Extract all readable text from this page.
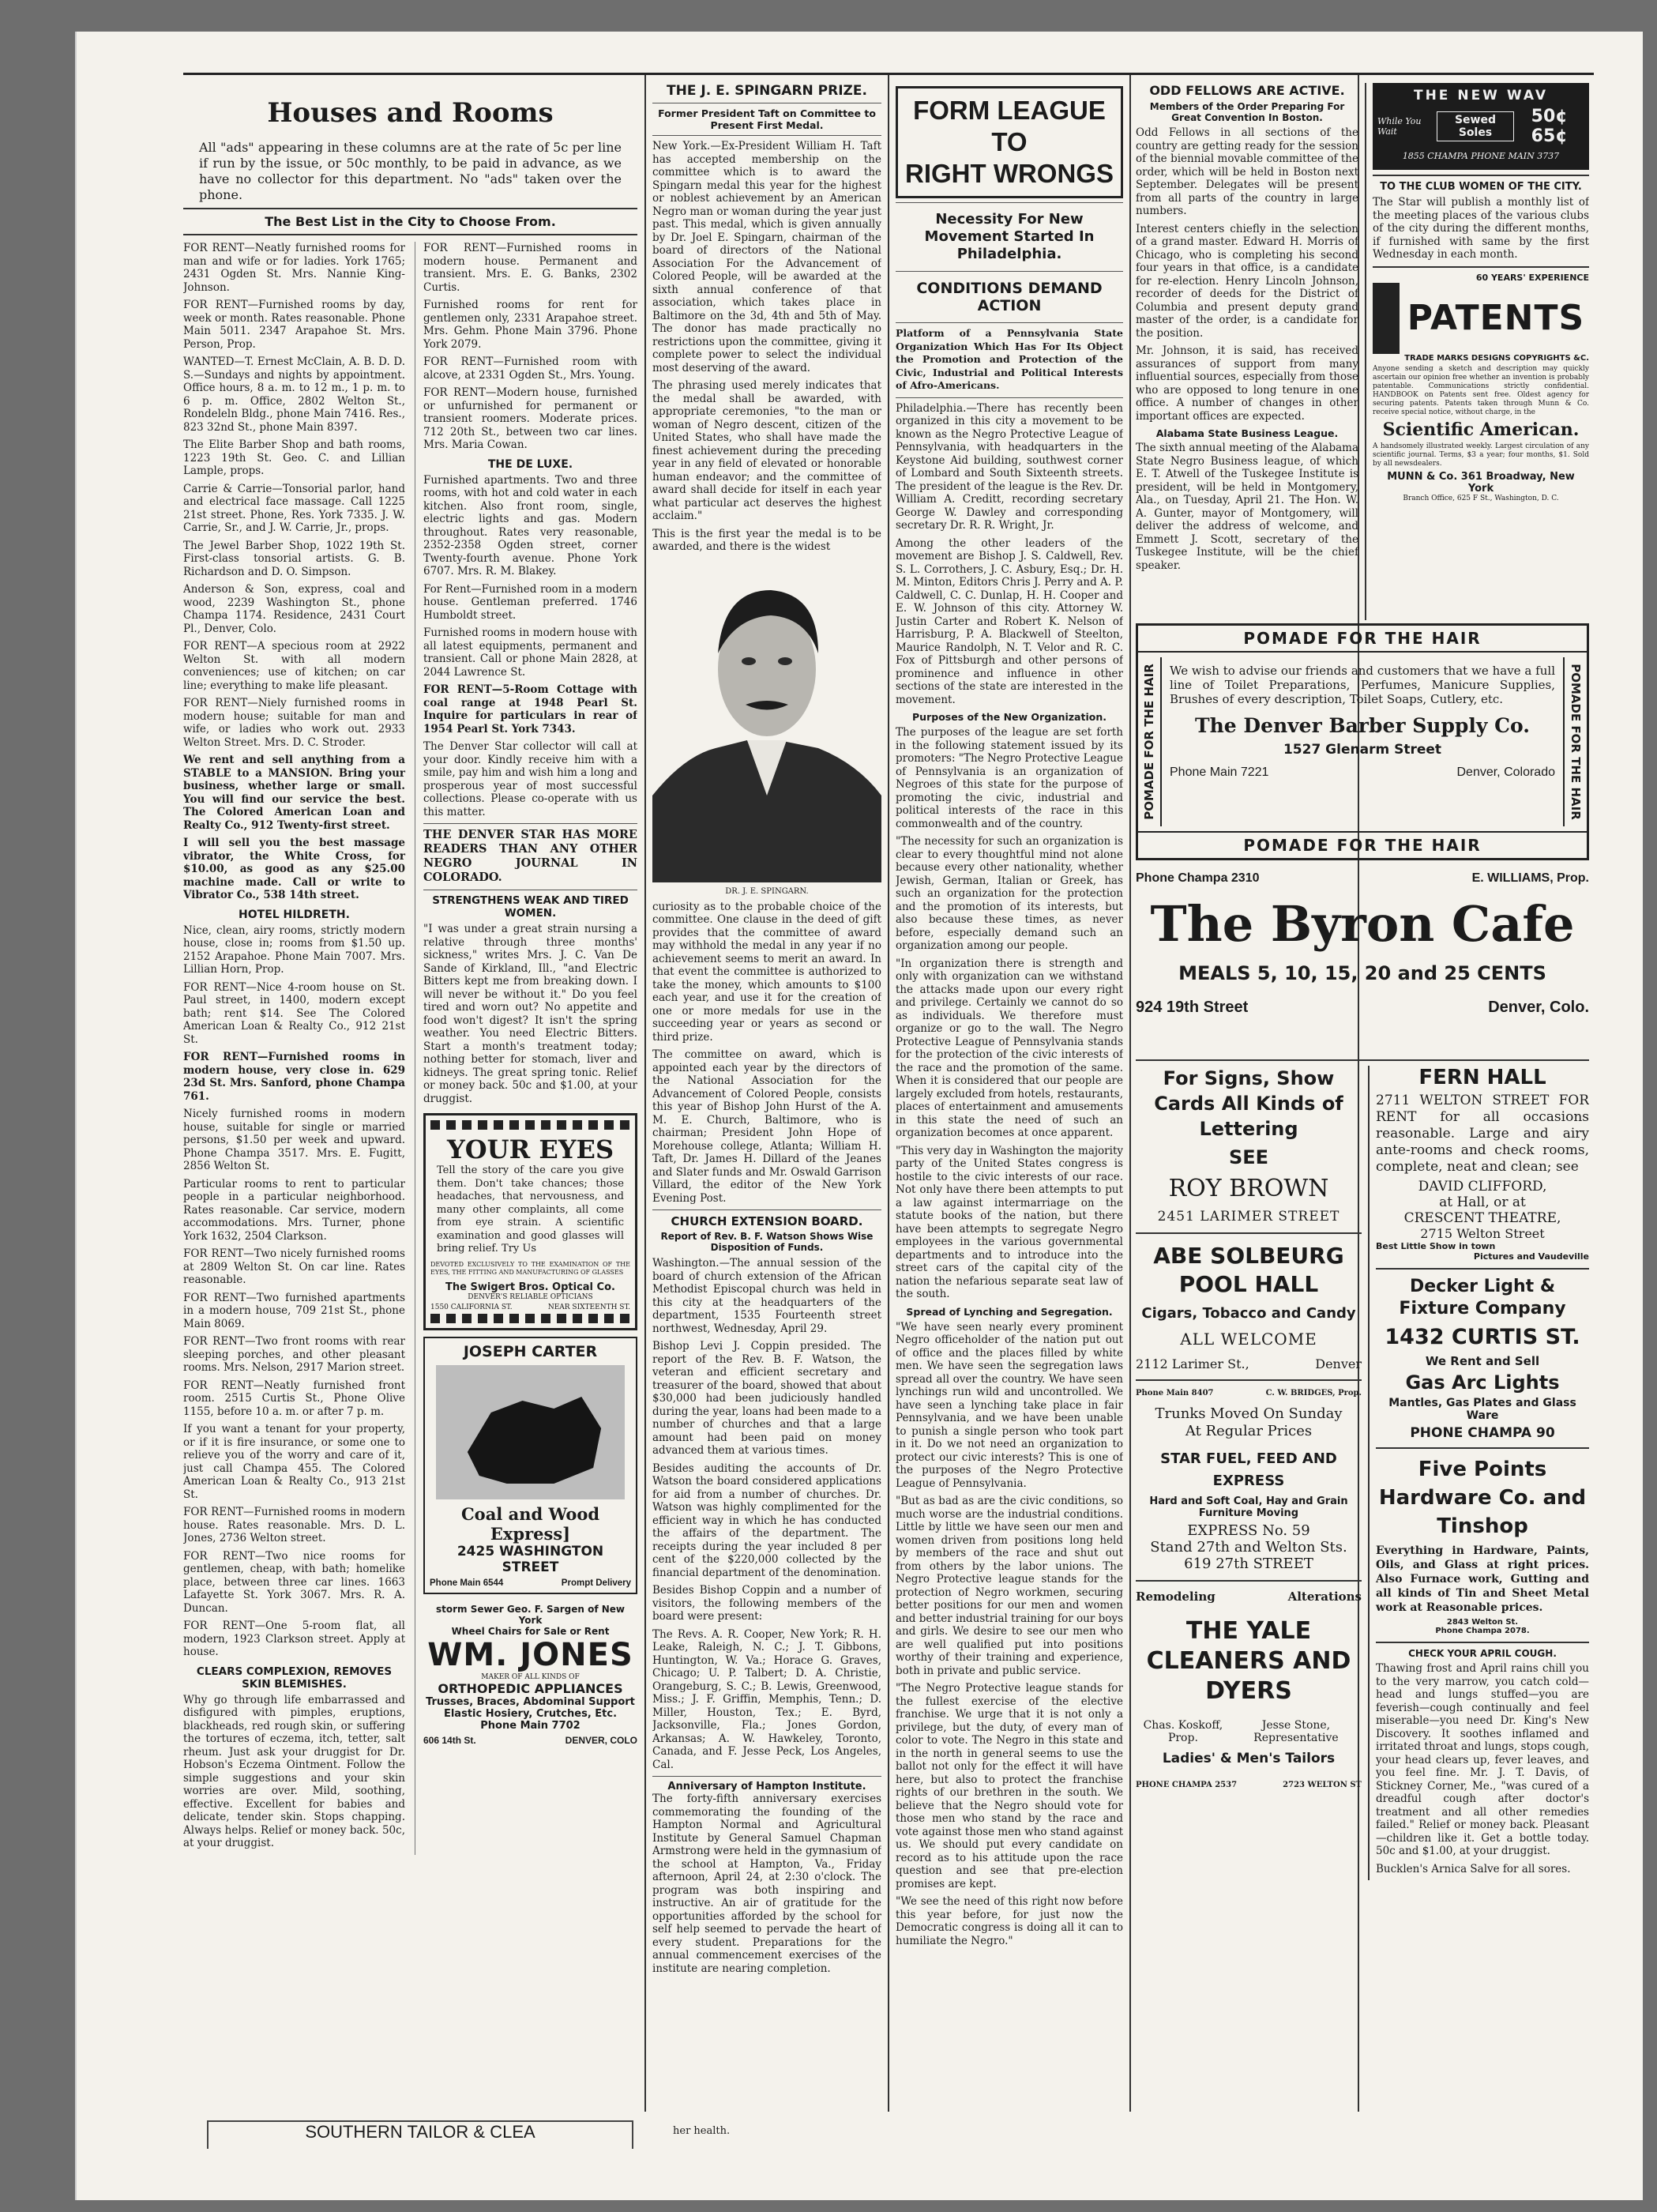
Houses and Rooms

All "ads" appearing in these columns are at the rate of 5c per line if run by the issue, or 50c monthly, to be paid in advance, as we have no collector for this department. No "ads" taken over the phone.

The Best List in the City to Choose From.

FOR RENT—Neatly furnished rooms for man and wife or for ladies. York 1765; 2431 Ogden St. Mrs. Nannie King-Johnson.

FOR RENT—Furnished rooms by day, week or month. Rates reasonable. Phone Main 5011. 2347 Arapahoe St. Mrs. Person, Prop.

WANTED—T. Ernest McClain, A. B. D. D. S.—Sundays and nights by appointment. Office hours, 8 a. m. to 12 m., 1 p. m. to 6 p. m. Office, 2802 Welton St., Rondeleln Bldg., phone Main 7416. Res., 823 32nd St., phone Main 8397.

The Elite Barber Shop and bath rooms, 1223 19th St. Geo. C. and Lillian Lample, props.

Carrie & Carrie—Tonsorial parlor, hand and electrical face massage. Call 1225 21st street. Phone, Res. York 7335. J. W. Carrie, Sr., and J. W. Carrie, Jr., props.

The Jewel Barber Shop, 1022 19th St. First-class tonsorial artists. G. B. Richardson and D. O. Simpson.

Anderson & Son, express, coal and wood, 2239 Washington St., phone Champa 1174. Residence, 2431 Court Pl., Denver, Colo.

FOR RENT—A specious room at 2922 Welton St. with all modern conveniences; use of kitchen; on car line; everything to make life pleasant.

FOR RENT—Niely furnished rooms in modern house; suitable for man and wife, or ladies who work out. 2933 Welton Street. Mrs. D. C. Stroder.

We rent and sell anything from a STABLE to a MANSION. Bring your business, whether large or small. You will find our service the best. The Colored American Loan and Realty Co., 912 Twenty-first street.

I will sell you the best massage vibrator, the White Cross, for $10.00, as good as any $25.00 machine made. Call or write to Vibrator Co., 538 14th street.

HOTEL HILDRETH.

Nice, clean, airy rooms, strictly modern house, close in; rooms from $1.50 up. 2152 Arapahoe. Phone Main 7007. Mrs. Lillian Horn, Prop.

FOR RENT—Nice 4-room house on St. Paul street, in 1400, modern except bath; rent $14. See The Colored American Loan & Realty Co., 912 21st St.

FOR RENT—Furnished rooms in modern house, very close in. 629 23d St. Mrs. Sanford, phone Champa 761.

Nicely furnished rooms in modern house, suitable for single or married persons, $1.50 per week and upward. Phone Champa 3517. Mrs. E. Fugitt, 2856 Welton St.

Particular rooms to rent to particular people in a particular neighborhood. Rates reasonable. Car service, modern accommodations. Mrs. Turner, phone York 1632, 2504 Clarkson.

FOR RENT—Two nicely furnished rooms at 2809 Welton St. On car line. Rates reasonable.

FOR RENT—Two furnished apartments in a modern house, 709 21st St., phone Main 8069.

FOR RENT—Two front rooms with rear sleeping porches, and other pleasant rooms. Mrs. Nelson, 2917 Marion street.

FOR RENT—Neatly furnished front room. 2515 Curtis St., Phone Olive 1155, before 10 a. m. or after 7 p. m.

If you want a tenant for your property, or if it is fire insurance, or some one to relieve you of the worry and care of it, just call Champa 455. The Colored American Loan & Realty Co., 913 21st St.

FOR RENT—Furnished rooms in modern house. Rates reasonable. Mrs. D. L. Jones, 2736 Welton street.

FOR RENT—Two nice rooms for gentlemen, cheap, with bath; homelike place, between three car lines. 1663 Lafayette St. York 3067. Mrs. R. A. Duncan.

FOR RENT—One 5-room flat, all modern, 1923 Clarkson street. Apply at house.

CLEARS COMPLEXION, REMOVES SKIN BLEMISHES.

Why go through life embarrassed and disfigured with pimples, eruptions, blackheads, red rough skin, or suffering the tortures of eczema, itch, tetter, salt rheum. Just ask your druggist for Dr. Hobson's Eczema Ointment. Follow the simple suggestions and your skin worries are over. Mild, soothing, effective. Excellent for babies and delicate, tender skin. Stops chapping. Always helps. Relief or money back. 50c, at your druggist.

FOR RENT—Furnished rooms in modern house. Permanent and transient. Mrs. E. G. Banks, 2302 Curtis.

Furnished rooms for rent for gentlemen only, 2331 Arapahoe street. Mrs. Gehm. Phone Main 3796. Phone York 2079.

FOR RENT—Furnished room with alcove, at 2331 Ogden St., Mrs. Young.

FOR RENT—Modern house, furnished or unfurnished for permanent or transient roomers. Moderate prices. 712 20th St., between two car lines. Mrs. Maria Cowan.

THE DE LUXE.

Furnished apartments. Two and three rooms, with hot and cold water in each kitchen. Also front room, single, electric lights and gas. Modern throughout. Rates very reasonable, 2352-2358 Ogden street, corner Twenty-fourth avenue. Phone York 6707. Mrs. R. M. Blakey.

For Rent—Furnished room in a modern house. Gentleman preferred. 1746 Humboldt street.

Furnished rooms in modern house with all latest equipments, permanent and transient. Call or phone Main 2828, at 2044 Lawrence St.

FOR RENT—5-Room Cottage with coal range at 1948 Pearl St. Inquire for particulars in rear of 1954 Pearl St. York 7343.

The Denver Star collector will call at your door. Kindly receive him with a smile, pay him and wish him a long and prosperous year of most successful collections. Please co-operate with us this matter.

THE DENVER STAR HAS MORE READERS THAN ANY OTHER NEGRO JOURNAL IN COLORADO.

STRENGTHENS WEAK AND TIRED WOMEN.

"I was under a great strain nursing a relative through three months' sickness," writes Mrs. J. C. Van De Sande of Kirkland, Ill., "and Electric Bitters kept me from breaking down. I will never be without it." Do you feel tired and worn out? No appetite and food won't digest? It isn't the spring weather. You need Electric Bitters. Start a month's treatment today; nothing better for stomach, liver and kidneys. The great spring tonic. Relief or money back. 50c and $1.00, at your druggist.

YOUR EYES

Tell the story of the care you give them. Don't take chances; those headaches, that nervousness, and many other complaints, all come from eye strain. A scientific examination and good glasses will bring relief. Try Us

DEVOTED EXCLUSIVELY TO THE EXAMINATION OF THE EYES, THE FITTING AND MANUFACTURING OF GLASSES

The Swigert Bros. Optical Co.
DENVER'S RELIABLE OPTICIANS
1550 CALIFORNIA ST.	NEAR SIXTEENTH ST.
JOSEPH CARTER
Coal and Wood Express]
2425 WASHINGTON STREET
Phone Main 6544	Prompt Delivery
storm Sewer Geo. F. Sargen of New York
Wheel Chairs for Sale or Rent
WM. JONES
MAKER OF ALL KINDS OF
ORTHOPEDIC APPLIANCES
Trusses, Braces, Abdominal Support Elastic Hosiery, Crutches, Etc.
Phone Main 7702
606 14th St.	DENVER, COLO
THE J. E. SPINGARN PRIZE.
Former President Taft on Committee to Present First Medal.

New York.—Ex-President William H. Taft has accepted membership on the committee which is to award the Spingarn medal this year for the highest or noblest achievement by an American Negro man or woman during the year just past. This medal, which is given annually by Dr. Joel E. Spingarn, chairman of the board of directors of the National Association For the Advancement of Colored People, will be awarded at the sixth annual conference of that association, which takes place in Baltimore on the 3d, 4th and 5th of May. The donor has made practically no restrictions upon the committee, giving it complete power to select the individual most deserving of the award.

The phrasing used merely indicates that the medal shall be awarded, with appropriate ceremonies, "to the man or woman of Negro descent, citizen of the United States, who shall have made the finest achievement during the preceding year in any field of elevated or honorable human endeavor; and the committee of award shall decide for itself in each year what particular act deserves the highest acclaim."

This is the first year the medal is to be awarded, and there is the widest

DR. J. E. SPINGARN.

curiosity as to the probable choice of the committee. One clause in the deed of gift provides that the committee of award may withhold the medal in any year if no achievement seems to merit an award. In that event the committee is authorized to take the money, which amounts to $100 each year, and use it for the creation of one or more medals for use in the succeeding year or years as second or third prize.

The committee on award, which is appointed each year by the directors of the National Association for the Advancement of Colored People, consists this year of Bishop John Hurst of the A. M. E. Church, Baltimore, who is chairman; President John Hope of Morehouse college, Atlanta; William H. Taft, Dr. James H. Dillard of the Jeanes and Slater funds and Mr. Oswald Garrison Villard, the editor of the New York Evening Post.

CHURCH EXTENSION BOARD.
Report of Rev. B. F. Watson Shows Wise Disposition of Funds.

Washington.—The annual session of the board of church extension of the African Methodist Episcopal church was held in this city at the headquarters of the department, 1535 Fourteenth street northwest, Wednesday, April 29.

Bishop Levi J. Coppin presided. The report of the Rev. B. F. Watson, the veteran and efficient secretary and treasurer of the board, showed that about $30,000 had been judiciously handled during the year, loans had been made to a number of churches and that a large amount had been paid on money advanced them at various times.

Besides auditing the accounts of Dr. Watson the board considered applications for aid from a number of churches. Dr. Watson was highly complimented for the efficient way in which he has conducted the affairs of the department. The receipts during the year included 8 per cent of the $220,000 collected by the financial department of the denomination.

Besides Bishop Coppin and a number of visitors, the following members of the board were present:

The Revs. A. R. Cooper, New York; R. H. Leake, Raleigh, N. C.; J. T. Gibbons, Huntington, W. Va.; Horace G. Graves, Chicago; U. P. Talbert; D. A. Christie, Orangeburg, S. C.; B. Lewis, Greenwood, Miss.; J. F. Griffin, Memphis, Tenn.; D. Miller, Houston, Tex.; E. Byrd, Jacksonville, Fla.; Jones Gordon, Arkansas; A. W. Hawkeley, Toronto, Canada, and F. Jesse Peck, Los Angeles, Cal.

Anniversary of Hampton Institute.

The forty-fifth anniversary exercises commemorating the founding of the Hampton Normal and Agricultural Institute by General Samuel Chapman Armstrong were held in the gymnasium of the school at Hampton, Va., Friday afternoon, April 24, at 2:30 o'clock. The program was both inspiring and instructive. An air of gratitude for the opportunities afforded by the school for self help seemed to pervade the heart of every student. Preparations for the annual commencement exercises of the institute are nearing completion.

FORM LEAGUE TO
RIGHT WRONGS
Necessity For New Movement Started In Philadelphia.
CONDITIONS DEMAND ACTION

Platform of a Pennsylvania State Organization Which Has For Its Object the Promotion and Protection of the Civic, Industrial and Political Interests of Afro-Americans.

Philadelphia.—There has recently been organized in this city a movement to be known as the Negro Protective League of Pennsylvania, with headquarters in the Keystone Aid building, southwest corner of Lombard and South Sixteenth streets. The president of the league is the Rev. Dr. William A. Creditt, recording secretary George W. Dawley and corresponding secretary Dr. R. R. Wright, Jr.

Among the other leaders of the movement are Bishop J. S. Caldwell, Rev. S. L. Corrothers, J. C. Asbury, Esq.; Dr. H. M. Minton, Editors Chris J. Perry and A. P. Caldwell, C. C. Dunlap, H. H. Cooper and E. W. Johnson of this city. Attorney W. Justin Carter and Robert K. Nelson of Harrisburg, P. A. Blackwell of Steelton, Maurice Randolph, N. T. Velor and R. C. Fox of Pittsburgh and other persons of prominence and influence in other sections of the state are interested in the movement.

Purposes of the New Organization.

The purposes of the league are set forth in the following statement issued by its promoters: "The Negro Protective League of Pennsylvania is an organization of Negroes of this state for the purpose of promoting the civic, industrial and political interests of the race in this commonwealth and of the country.

"The necessity for such an organization is clear to every thoughtful mind not alone because every other nationality, whether Jewish, German, Italian or Greek, has such an organization for the protection and the promotion of its interests, but also because these times, as never before, especially demand such an organization among our people.

"In organization there is strength and only with organization can we withstand the attacks made upon our every right and privilege. Certainly we cannot do so as individuals. We therefore must organize or go to the wall. The Negro Protective League of Pennsylvania stands for the protection of the civic interests of the race and the promotion of the same. When it is considered that our people are largely excluded from hotels, restaurants, places of entertainment and amusements in this state the need of such an organization becomes at once apparent.

"This very day in Washington the majority party of the United States congress is hostile to the civic interests of our race. Not only have there been attempts to put a law against intermarriage on the statute books of the nation, but there have been attempts to segregate Negro employees in the various governmental departments and to introduce into the street cars of the capital city of the nation the nefarious separate seat law of the south.

Spread of Lynching and Segregation.

"We have seen nearly every prominent Negro officeholder of the nation put out of office and the places filled by white men. We have seen the segregation laws spread all over the country. We have seen lynchings run wild and uncontrolled. We have seen a lynching take place in fair Pennsylvania, and we have been unable to punish a single person who took part in it. Do we not need an organization to protect our civic interests? This is one of the purposes of the Negro Protective League of Pennsylvania.

"But as bad as are the civic conditions, so much worse are the industrial conditions. Little by little we have seen our men and women driven from positions long held by members of the race and shut out from others by the labor unions. The Negro Protective league stands for the protection of Negro workmen, securing better positions for our men and women and better industrial training for our boys and girls. We desire to see our men who are well qualified put into positions worthy of their training and experience, both in private and public service.

"The Negro Protective league stands for the fullest exercise of the elective franchise. We urge that it is not only a privilege, but the duty, of every man of color to vote. The Negro in this state and in the north in general seems to use the ballot not only for the effect it will have here, but also to protect the franchise rights of our brethren in the south. We believe that the Negro should vote for those men who stand by the race and vote against those men who stand against us. We should put every candidate on record as to his attitude upon the race question and see that pre-election promises are kept.

"We see the need of this right now before this year before, for just now the Democratic congress is doing all it can to humiliate the Negro."

ODD FELLOWS ARE ACTIVE.
Members of the Order Preparing For Great Convention In Boston.

Odd Fellows in all sections of the country are getting ready for the session of the biennial movable committee of the order, which will be held in Boston next September. Delegates will be present from all parts of the country in large numbers.

Interest centers chiefly in the selection of a grand master. Edward H. Morris of Chicago, who is completing his second four years in that office, is a candidate for re-election. Henry Lincoln Johnson, recorder of deeds for the District of Columbia and present deputy grand master of the order, is a candidate for the position.

Mr. Johnson, it is said, has received assurances of support from many influential sources, especially from those who are opposed to long tenure in one office. A number of changes in other important offices are expected.

Alabama State Business League.

The sixth annual meeting of the Alabama State Negro Business league, of which E. T. Atwell of the Tuskegee Institute is president, will be held in Montgomery, Ala., on Tuesday, April 21. The Hon. W. A. Gunter, mayor of Montgomery, will deliver the address of welcome, and Emmett J. Scott, secretary of the Tuskegee Institute, will be the chief speaker.

THE NEW WAV
While You Wait
Sewed Soles
50¢ 65¢
1855 CHAMPA PHONE MAIN 3737
TO THE CLUB WOMEN OF THE CITY.

The Star will publish a monthly list of the meeting places of the various clubs of the city during the different months, if furnished with same by the first Wednesday in each month.

60 YEARS' EXPERIENCE
PATENTS
TRADE MARKS DESIGNS COPYRIGHTS &C.

Anyone sending a sketch and description may quickly ascertain our opinion free whether an invention is probably patentable. Communications strictly confidential. HANDBOOK on Patents sent free. Oldest agency for securing patents. Patents taken through Munn & Co. receive special notice, without charge, in the

Scientific American.

A handsomely illustrated weekly. Largest circulation of any scientific journal. Terms, $3 a year; four months, $1. Sold by all newsdealers.

MUNN & Co. 361 Broadway, New York
Branch Office, 625 F St., Washington, D. C.
POMADE FOR THE HAIR
POMADE FOR THE HAIR	POMADE FOR THE HAIR

We wish to advise our friends and customers that we have a full line of Toilet Preparations, Perfumes, Manicure Supplies, Brushes of every description, Toilet Soaps, Cutlery, etc.

The Denver Barber Supply Co.
1527 Glenarm Street
Phone Main 7221	Denver, Colorado
POMADE FOR THE HAIR
Phone Champa 2310	E. WILLIAMS, Prop.
The Byron Cafe
MEALS 5, 10, 15, 20 and 25 CENTS
924 19th Street	Denver, Colo.
For Signs, Show Cards All Kinds of Lettering
SEE
ROY BROWN
2451 LARIMER STREET
ABE SOLBEURG POOL HALL
Cigars, Tobacco and Candy
ALL WELCOME
2112 Larimer St.,	Denver
Phone Main 8407	C. W. BRIDGES, Prop.
Trunks Moved On Sunday At Regular Prices
STAR FUEL, FEED AND EXPRESS
Hard and Soft Coal, Hay and Grain Furniture Moving
EXPRESS No. 59
Stand 27th and Welton Sts.
619 27th STREET
Remodeling	Alterations
THE YALE CLEANERS AND DYERS
Chas. Koskoff, Prop.
Jesse Stone, Representative
Ladies' & Men's Tailors
PHONE CHAMPA 2537	2723 WELTON ST
FERN HALL

2711 WELTON STREET FOR RENT for all occasions reasonable. Large and airy ante-rooms and check rooms, complete, neat and clean; see

DAVID CLIFFORD,
at Hall, or at
CRESCENT THEATRE,
2715 Welton Street
Best Little Show in town
Pictures and Vaudeville
Decker Light & Fixture Company
1432 CURTIS ST.
We Rent and Sell
Gas Arc Lights
Mantles, Gas Plates and Glass Ware
PHONE CHAMPA 90
Five Points Hardware Co. and Tinshop

Everything in Hardware, Paints, Oils, and Glass at right prices. Also Furnace work, Gutting and all kinds of Tin and Sheet Metal work at Reasonable prices.

2843 Welton St.
Phone Champa 2078.
CHECK YOUR APRIL COUGH.

Thawing frost and April rains chill you to the very marrow, you catch cold—head and lungs stuffed—you are feverish—cough continually and feel miserable—you need Dr. King's New Discovery. It soothes inflamed and irritated throat and lungs, stops cough, your head clears up, fever leaves, and you feel fine. Mr. J. T. Davis, of Stickney Corner, Me., "was cured of a dreadful cough after doctor's treatment and all other remedies failed." Relief or money back. Pleasant—children like it. Get a bottle today. 50c and $1.00, at your druggist.

Bucklen's Arnica Salve for all sores.

SOUTHERN TAILOR & CLEA	her health.
